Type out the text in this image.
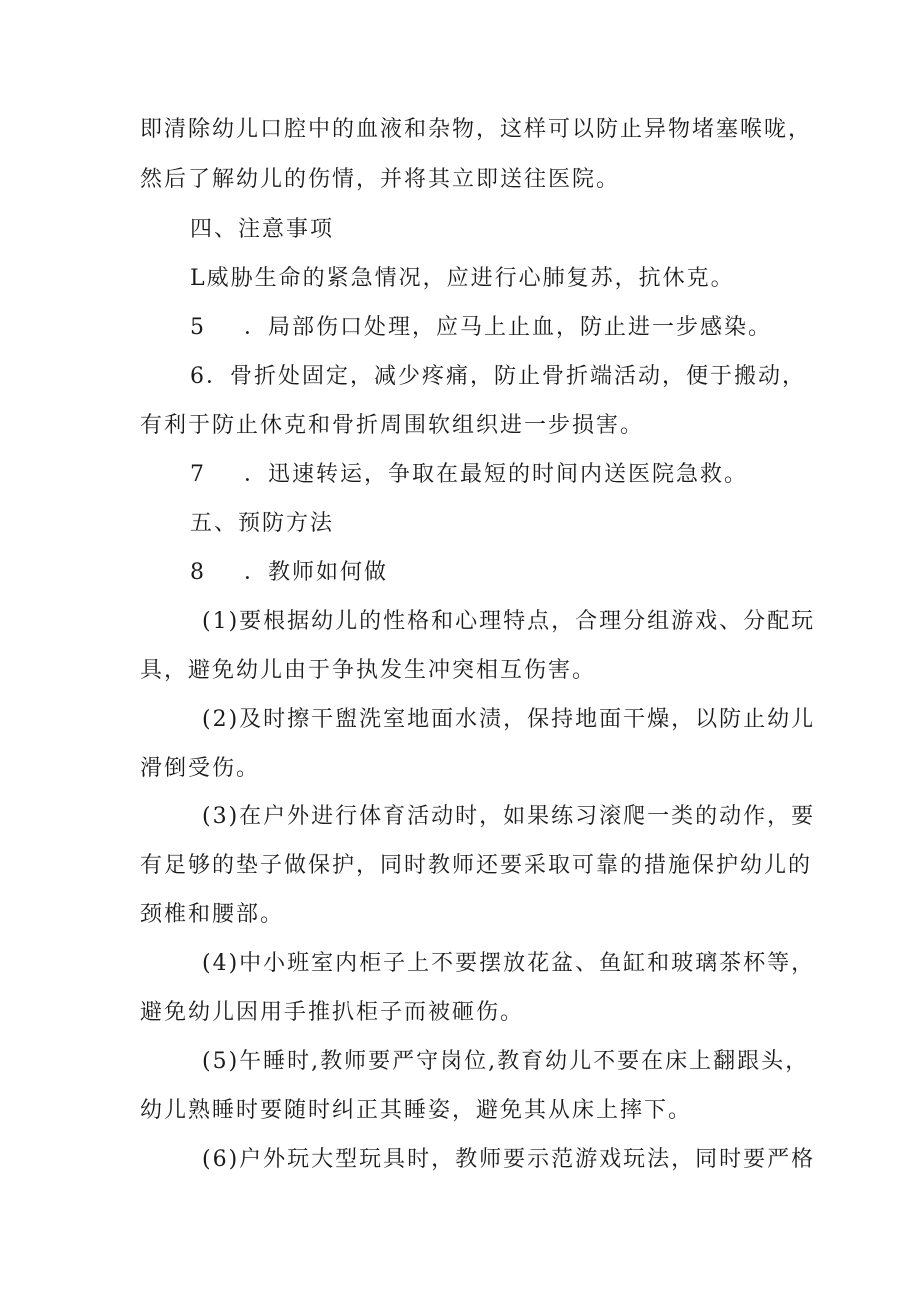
即清除幼儿口腔中的血液和杂物，这样可以防止异物堵塞喉咙，
然后了解幼儿的伤情，并将其立即送往医院。
四、注意事项
L威胁生命的紧急情况，应进行心肺复苏，抗休克。
5 ．局部伤口处理，应马上止血，防止进一步感染。
6．骨折处固定，减少疼痛，防止骨折端活动，便于搬动，
有利于防止休克和骨折周围软组织进一步损害。
7 ．迅速转运，争取在最短的时间内送医院急救。
五、预防方法
8 ．教师如何做
(1)要根据幼儿的性格和心理特点，合理分组游戏、分配玩
具，避免幼儿由于争执发生冲突相互伤害。
(2)及时擦干盥洗室地面水渍，保持地面干燥，以防止幼儿
滑倒受伤。
(3)在户外进行体育活动时，如果练习滚爬一类的动作，要
有足够的垫子做保护，同时教师还要采取可靠的措施保护幼儿的
颈椎和腰部。
(4)中小班室内柜子上不要摆放花盆、鱼缸和玻璃茶杯等，
避免幼儿因用手推扒柜子而被砸伤。
(5)午睡时,教师要严守岗位,教育幼儿不要在床上翻跟头，
幼儿熟睡时要随时纠正其睡姿，避免其从床上摔下。
(6)户外玩大型玩具时，教师要示范游戏玩法，同时要严格
